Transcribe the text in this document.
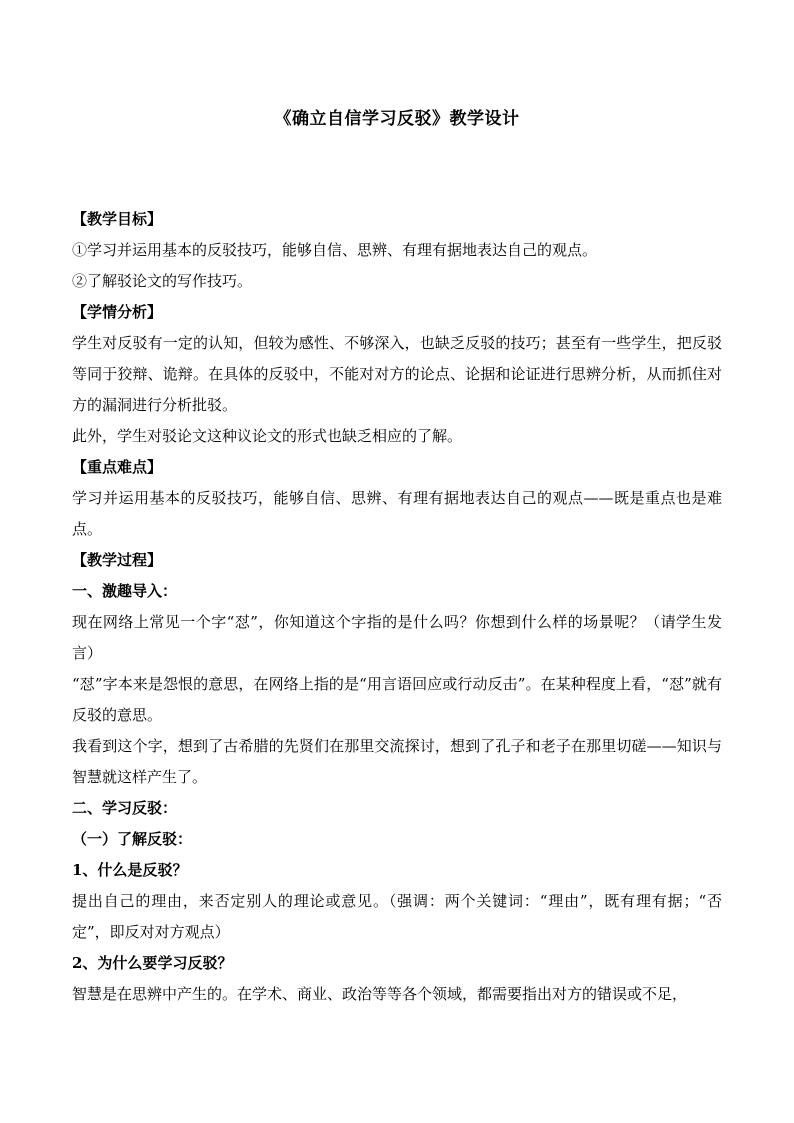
《确立自信学习反驳》教学设计

【教学目标】

①学习并运用基本的反驳技巧，能够自信、思辨、有理有据地表达自己的观点。

②了解驳论文的写作技巧。

【学情分析】

学生对反驳有一定的认知，但较为感性、不够深入，也缺乏反驳的技巧；甚至有一些学生，把反驳等同于狡辩、诡辩。在具体的反驳中，不能对对方的论点、论据和论证进行思辨分析，从而抓住对方的漏洞进行分析批驳。

此外，学生对驳论文这种议论文的形式也缺乏相应的了解。

【重点难点】

学习并运用基本的反驳技巧，能够自信、思辨、有理有据地表达自己的观点——既是重点也是难点。

【教学过程】

一、激趣导入：

现在网络上常见一个字“怼”，你知道这个字指的是什么吗？你想到什么样的场景呢？（请学生发言）

“怼”字本来是怨恨的意思，在网络上指的是“用言语回应或行动反击”。在某种程度上看，“怼”就有反驳的意思。

我看到这个字，想到了古希腊的先贤们在那里交流探讨，想到了孔子和老子在那里切磋——知识与智慧就这样产生了。

二、学习反驳：

（一）了解反驳：

1、什么是反驳？

提出自己的理由，来否定别人的理论或意见。（强调：两个关键词：“理由”，既有理有据；“否定”，即反对对方观点）

2、为什么要学习反驳？

智慧是在思辨中产生的。在学术、商业、政治等等各个领域，都需要指出对方的错误或不足，
